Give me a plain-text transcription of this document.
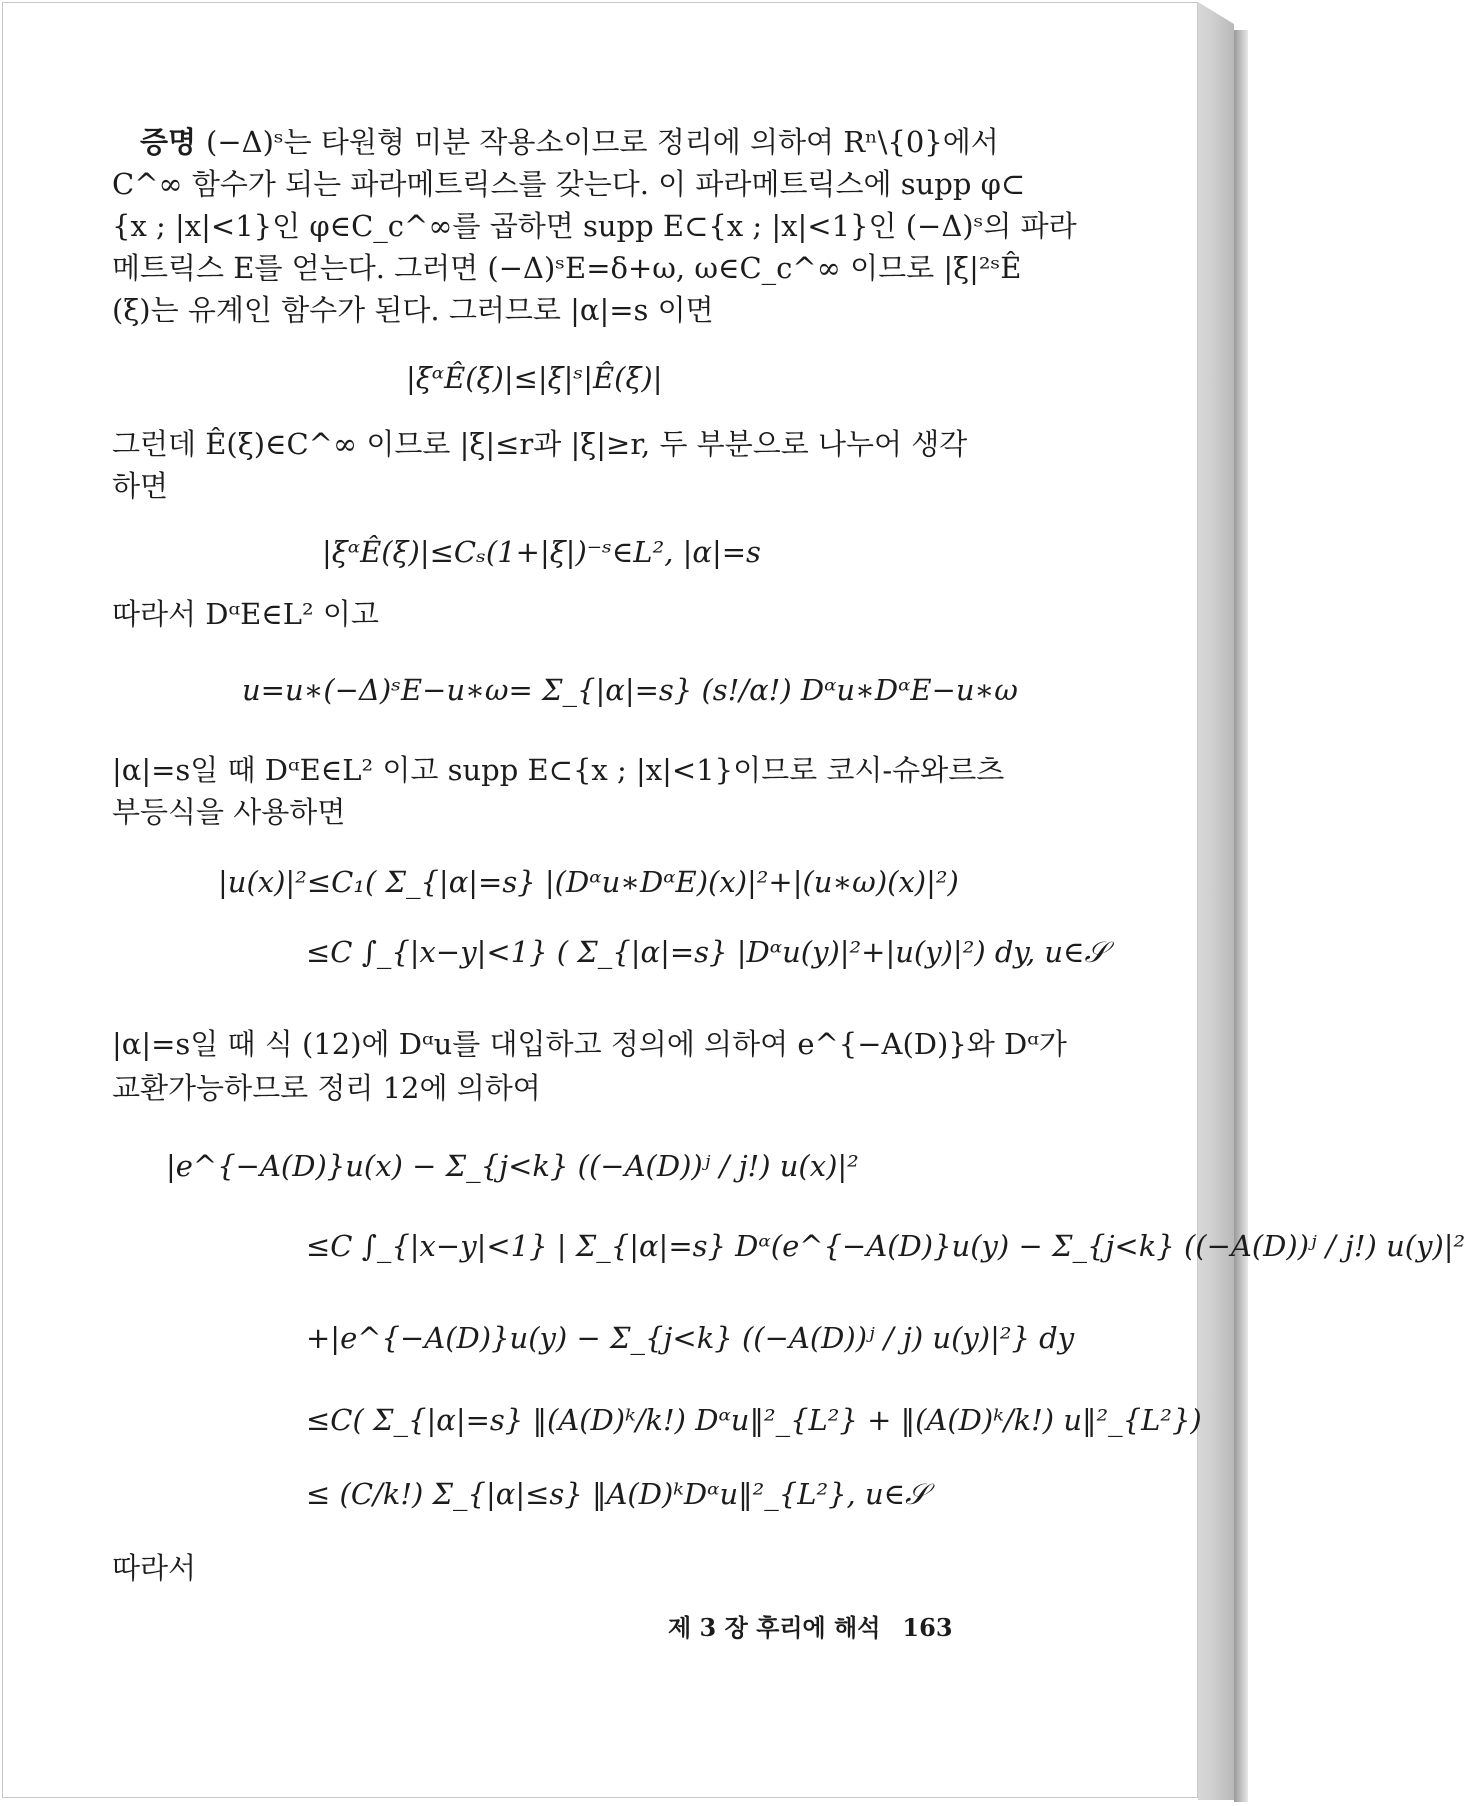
증명 (−Δ)ˢ는 타원형 미분 작용소이므로 정리에 의하여 Rⁿ\{0}에서
C^∞ 함수가 되는 파라메트릭스를 갖는다. 이 파라메트릭스에 supp φ⊂
{x ; |x|<1}인 φ∈C_c^∞를 곱하면 supp E⊂{x ; |x|<1}인 (−Δ)ˢ의 파라
메트릭스 E를 얻는다. 그러면 (−Δ)ˢE=δ+ω, ω∈C_c^∞ 이므로 |ξ|²ˢÊ
(ξ)는 유계인 함수가 된다. 그러므로 |α|=s 이면
|ξᵅÊ(ξ)|≤|ξ|ˢ|Ê(ξ)|
그런데 Ê(ξ)∈C^∞ 이므로 |ξ|≤r과 |ξ|≥r, 두 부분으로 나누어 생각
하면
|ξᵅÊ(ξ)|≤Cₛ(1+|ξ|)⁻ˢ∈L², |α|=s
따라서 DᵅE∈L² 이고
u=u∗(−Δ)ˢE−u∗ω= Σ_{|α|=s} (s!/α!) Dᵅu∗DᵅE−u∗ω
|α|=s일 때 DᵅE∈L² 이고 supp E⊂{x ; |x|<1}이므로 코시-슈와르츠
부등식을 사용하면
|u(x)|²≤C₁( Σ_{|α|=s} |(Dᵅu∗DᵅE)(x)|²+|(u∗ω)(x)|²)
≤C ∫_{|x−y|<1} ( Σ_{|α|=s} |Dᵅu(y)|²+|u(y)|²) dy, u∈𝒮
|α|=s일 때 식 (12)에 Dᵅu를 대입하고 정의에 의하여 e^{−A(D)}와 Dᵅ가
교환가능하므로 정리 12에 의하여
|e^{−A(D)}u(x) − Σ_{j<k} ((−A(D))ʲ / j!) u(x)|²
≤C ∫_{|x−y|<1} | Σ_{|α|=s} Dᵅ(e^{−A(D)}u(y) − Σ_{j<k} ((−A(D))ʲ / j!) u(y)|²
+|e^{−A(D)}u(y) − Σ_{j<k} ((−A(D))ʲ / j) u(y)|²} dy
≤C( Σ_{|α|=s} ‖(A(D)ᵏ/k!) Dᵅu‖²_{L²} + ‖(A(D)ᵏ/k!) u‖²_{L²})
≤ (C/k!) Σ_{|α|≤s} ‖A(D)ᵏDᵅu‖²_{L²}, u∈𝒮
따라서
제 3 장 후리에 해석 163
